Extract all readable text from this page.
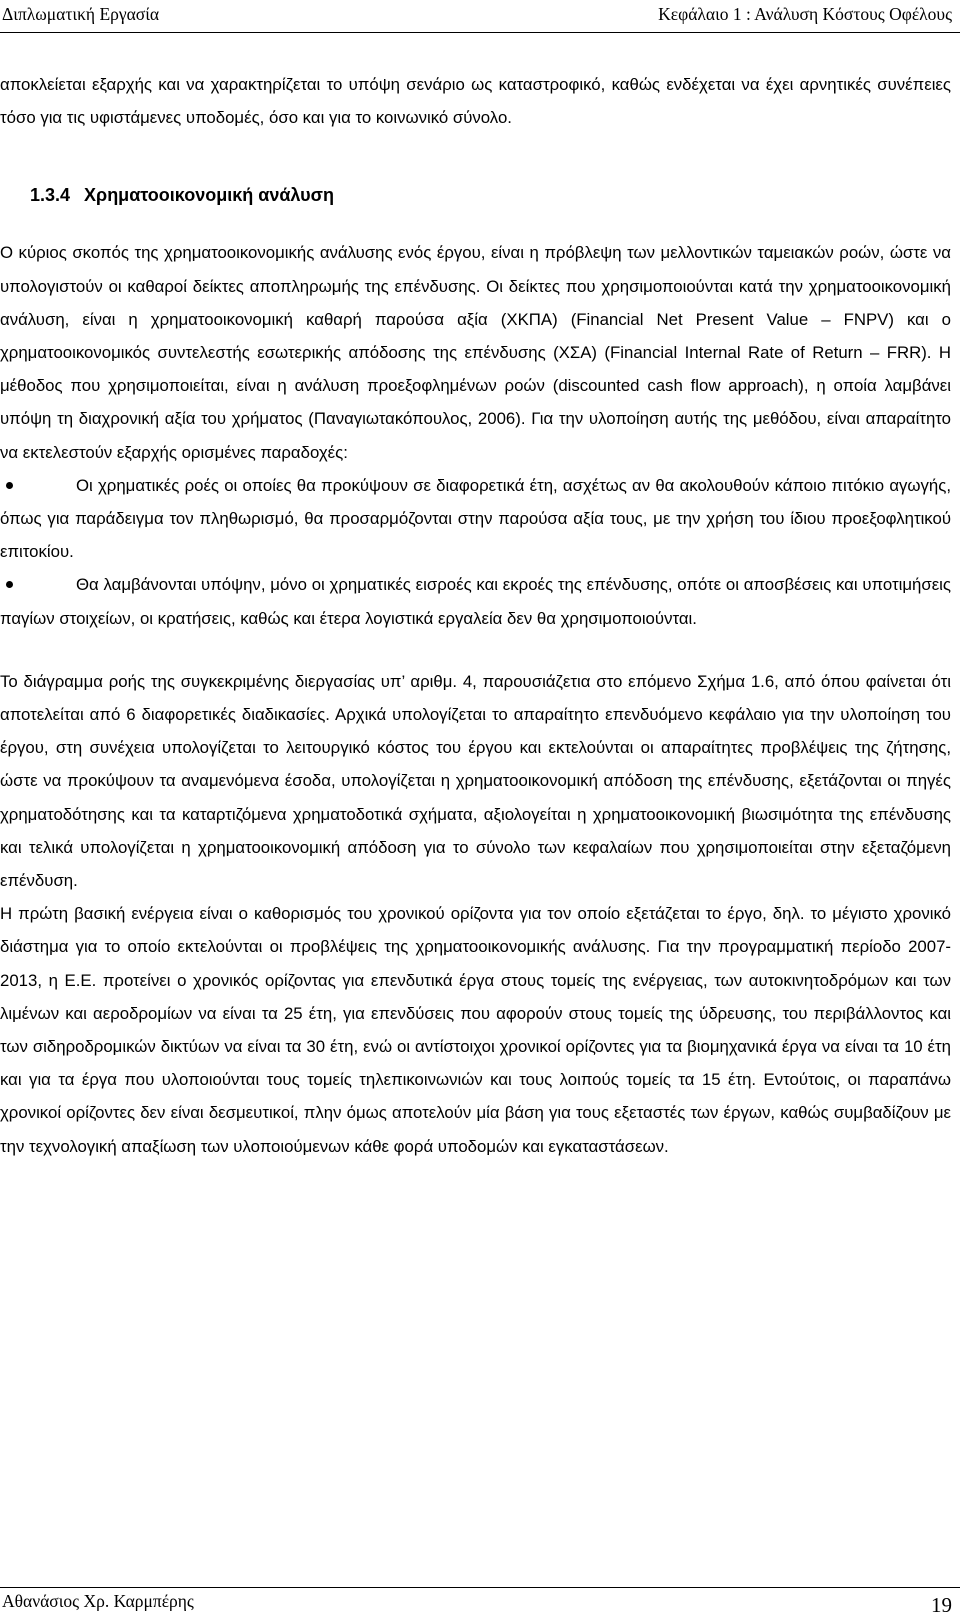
Διπλωματική Εργασία	Κεφάλαιο 1 : Ανάλυση Κόστους Οφέλους

αποκλείεται εξαρχής και να χαρακτηρίζεται το υπόψη σενάριο ως καταστροφικό, καθώς ενδέχεται να έχει αρνητικές συνέπειες τόσο για τις υφιστάμενες υποδομές, όσο και για το κοινωνικό σύνολο.

1.3.4 Χρηματοοικονομική ανάλυση

Ο κύριος σκοπός της χρηματοοικονομικής ανάλυσης ενός έργου, είναι η πρόβλεψη των μελλοντικών ταμειακών ροών, ώστε να υπολογιστούν οι καθαροί δείκτες αποπληρωμής της επένδυσης. Οι δείκτες που χρησιμοποιούνται κατά την χρηματοοικονομική ανάλυση, είναι η χρηματοοικονομική καθαρή παρούσα αξία (ΧΚΠΑ) (Financial Net Present Value – FNPV) και ο χρηματοοικονομικός συντελεστής εσωτερικής απόδοσης της επένδυσης (ΧΣΑ) (Financial Internal Rate of Return – FRR). Η μέθοδος που χρησιμοποιείται, είναι η ανάλυση προεξοφλημένων ροών (discounted cash flow approach), η οποία λαμβάνει υπόψη τη διαχρονική αξία του χρήματος (Παναγιωτακόπουλος, 2006). Για την υλοποίηση αυτής της μεθόδου, είναι απαραίτητο να εκτελεστούν εξαρχής ορισμένες παραδοχές:

Οι χρηματικές ροές οι οποίες θα προκύψουν σε διαφορετικά έτη, ασχέτως αν θα ακολουθούν κάποιο πιτόκιο αγωγής, όπως για παράδειγμα τον πληθωρισμό, θα προσαρμόζονται στην παρούσα αξία τους, με την χρήση του ίδιου προεξοφλητικού επιτοκίου.

Θα λαμβάνονται υπόψην, μόνο οι χρηματικές εισροές και εκροές της επένδυσης, οπότε οι αποσβέσεις και υποτιμήσεις παγίων στοιχείων, οι κρατήσεις, καθώς και έτερα λογιστικά εργαλεία δεν θα χρησιμοποιούνται.

Το διάγραμμα ροής της συγκεκριμένης διεργασίας υπ’ αριθμ. 4, παρουσιάζετια στο επόμενο Σχήμα 1.6, από όπου φαίνεται ότι αποτελείται από 6 διαφορετικές διαδικασίες. Αρχικά υπολογίζεται το απαραίτητο επενδυόμενο κεφάλαιο για την υλοποίηση του έργου, στη συνέχεια υπολογίζεται το λειτουργικό κόστος του έργου και εκτελούνται οι απαραίτητες προβλέψεις της ζήτησης, ώστε να προκύψουν τα αναμενόμενα έσοδα, υπολογίζεται η χρηματοοικονομική απόδοση της επένδυσης, εξετάζονται οι πηγές χρηματοδότησης και τα καταρτιζόμενα χρηματοδοτικά σχήματα, αξιολογείται η χρηματοοικονομική βιωσιμότητα της επένδυσης και τελικά υπολογίζεται η χρηματοοικονομική απόδοση για το σύνολο των κεφαλαίων που χρησιμοποιείται στην εξεταζόμενη επένδυση.

Η πρώτη βασική ενέργεια είναι ο καθορισμός του χρονικού ορίζοντα για τον οποίο εξετάζεται το έργο, δηλ. το μέγιστο χρονικό διάστημα για το οποίο εκτελούνται οι προβλέψεις της χρηματοοικονομικής ανάλυσης. Για την προγραμματική περίοδο 2007-2013, η Ε.Ε. προτείνει ο χρονικός ορίζοντας για επενδυτικά έργα στους τομείς της ενέργειας, των αυτοκινητοδρόμων και των λιμένων και αεροδρομίων να είναι τα 25 έτη, για επενδύσεις που αφορούν στους τομείς της ύδρευσης, του περιβάλλοντος και των σιδηροδρομικών δικτύων να είναι τα 30 έτη, ενώ οι αντίστοιχοι χρονικοί ορίζοντες για τα βιομηχανικά έργα να είναι τα 10 έτη και για τα έργα που υλοποιούνται τους τομείς τηλεπικοινωνιών και τους λοιπούς τομείς τα 15 έτη. Εντούτοις, οι παραπάνω χρονικοί ορίζοντες δεν είναι δεσμευτικοί, πλην όμως αποτελούν μία βάση για τους εξεταστές των έργων, καθώς συμβαδίζουν με την τεχνολογική απαξίωση των υλοποιούμενων κάθε φορά υποδομών και εγκαταστάσεων.

Αθανάσιος Χρ. Καρμπέρης	19
